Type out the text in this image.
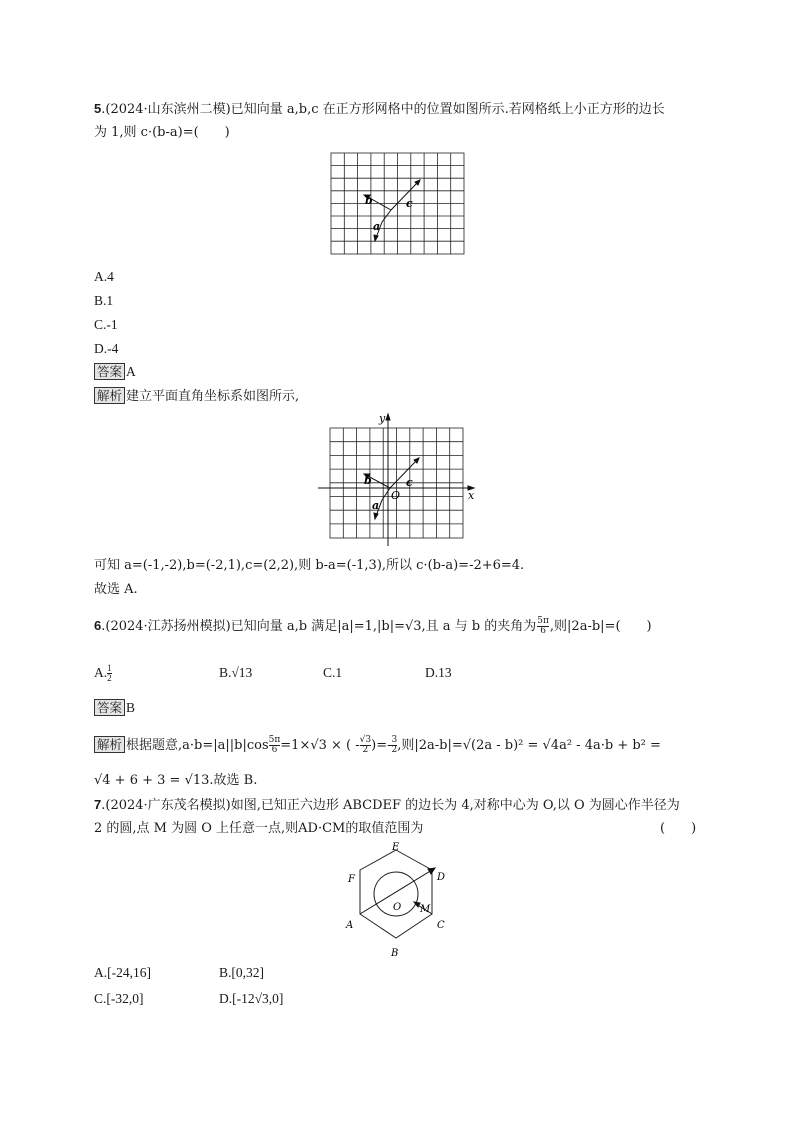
5.(2024·山东滨州二模)已知向量 a,b,c 在正方形网格中的位置如图所示.若网格纸上小正方形的边长
为 1,则 c·(b-a)=(　　)
b	c
a
A.4
B.1
C.-1
D.-4
答案 A
解析 建立平面直角坐标系如图所示,
y
x
O
b	c
a
可知 a=(-1,-2),b=(-2,1),c=(2,2),则 b-a=(-1,3),所以 c·(b-a)=-2+6=4.
故选 A.
6.(2024·江苏扬州模拟)已知向量 a,b 满足|a|=1,|b|=√3,且 a 与 b 的夹角为 $\frac{5\pi}{6}$ ,则|2a-b|=(　　)
A. $\frac{1}{2}$	B.√13	C.1	D.13
答案 B
解析 根据题意$,a\cdot b=|a||b|\cos \frac{5\pi}{6} =1\times√3$ × ( - $\frac{√3}{2}$ )=- $\frac{3}{2}$ ,则|2a-b|=√(2a - b)² = √4a² - 4a·b + b² =
√4 + 6 + 3 = √13.故选 B.
7.(2024·广东茂名模拟)如图,已知正六边形 ABCDEF 的边长为 4,对称中心为 O,以 O 为圆心作半径为
2 的圆,点 M 为圆 O 上任意一点,则AD·CM的取值范围为	(　　)
E
F	D
A	C
B
O M
A.[-24,16]	B.[0,32]
C.[-32,0]	D.[-12√3,0]
